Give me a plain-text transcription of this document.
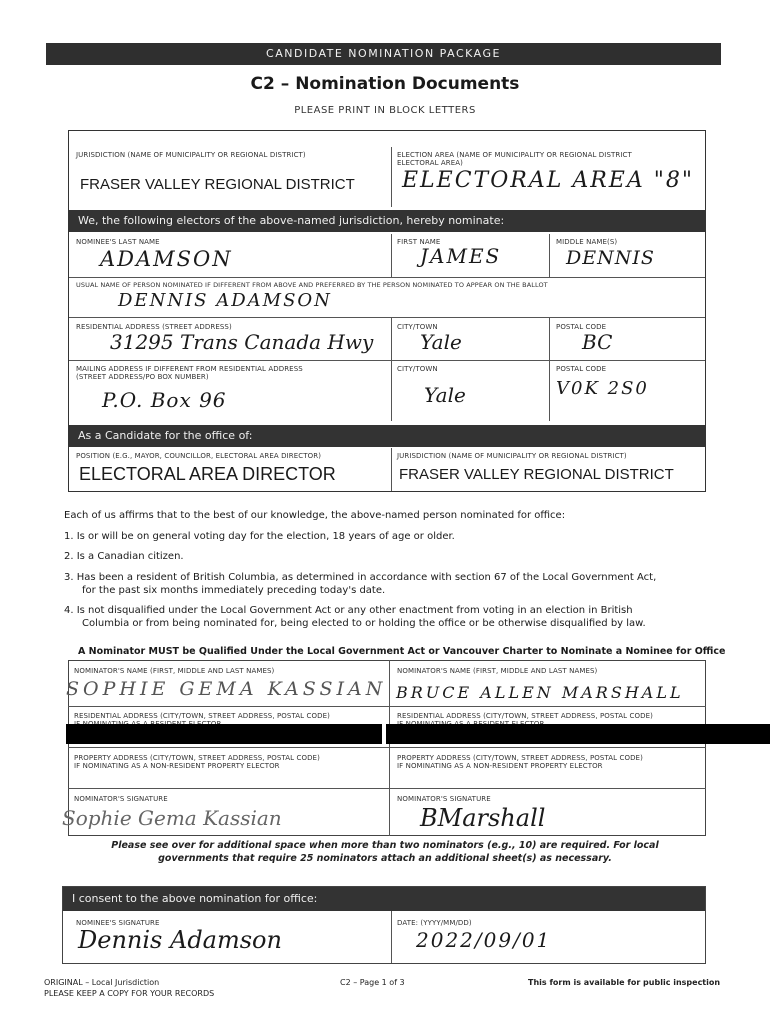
CANDIDATE NOMINATION PACKAGE
C2 – Nomination Documents
PLEASE PRINT IN BLOCK LETTERS
JURISDICTION (NAME OF MUNICIPALITY OR REGIONAL DISTRICT)
FRASER VALLEY REGIONAL DISTRICT
ELECTION AREA (NAME OF MUNICIPALITY OR REGIONAL DISTRICT
ELECTORAL AREA)
ELECTORAL AREA "8"
We, the following electors of the above-named jurisdiction, hereby nominate:
NOMINEE'S LAST NAME
ADAMSON
FIRST NAME
JAMES
MIDDLE NAME(S)
DENNIS
USUAL NAME OF PERSON NOMINATED IF DIFFERENT FROM ABOVE AND PREFERRED BY THE PERSON NOMINATED TO APPEAR ON THE BALLOT
DENNIS ADAMSON
RESIDENTIAL ADDRESS (STREET ADDRESS)
31295 Trans Canada Hwy
CITY/TOWN
Yale
POSTAL CODE
BC
MAILING ADDRESS IF DIFFERENT FROM RESIDENTIAL ADDRESS
(STREET ADDRESS/PO BOX NUMBER)
P.O. Box 96
CITY/TOWN
Yale
POSTAL CODE
V0K 2S0
As a Candidate for the office of:
POSITION (E.G., MAYOR, COUNCILLOR, ELECTORAL AREA DIRECTOR)
ELECTORAL AREA DIRECTOR
JURISDICTION (NAME OF MUNICIPALITY OR REGIONAL DISTRICT)
FRASER VALLEY REGIONAL DISTRICT
Each of us affirms that to the best of our knowledge, the above-named person nominated for office:
1. Is or will be on general voting day for the election, 18 years of age or older.
2. Is a Canadian citizen.
3. Has been a resident of British Columbia, as determined in accordance with section 67 of the Local Government Act,
for the past six months immediately preceding today's date.
4. Is not disqualified under the Local Government Act or any other enactment from voting in an election in British
Columbia or from being nominated for, being elected to or holding the office or be otherwise disqualified by law.
A Nominator MUST be Qualified Under the Local Government Act or Vancouver Charter to Nominate a Nominee for Office
NOMINATOR'S NAME (FIRST, MIDDLE AND LAST NAMES)
SOPHIE GEMA KASSIAN
RESIDENTIAL ADDRESS (CITY/TOWN, STREET ADDRESS, POSTAL CODE)
PROPERTY ADDRESS (CITY/TOWN, STREET ADDRESS, POSTAL CODE)
IF NOMINATING AS A NON-RESIDENT PROPERTY ELECTOR
NOMINATOR'S SIGNATURE
Sophie Gema Kassian
NOMINATOR'S NAME (FIRST, MIDDLE AND LAST NAMES)
BRUCE ALLEN MARSHALL
RESIDENTIAL ADDRESS (CITY/TOWN, STREET ADDRESS, POSTAL CODE)
PROPERTY ADDRESS (CITY/TOWN, STREET ADDRESS, POSTAL CODE)
IF NOMINATING AS A NON-RESIDENT PROPERTY ELECTOR
NOMINATOR'S SIGNATURE
BMarshall
Please see over for additional space when more than two nominators (e.g., 10) are required. For local
governments that require 25 nominators attach an additional sheet(s) as necessary.
I consent to the above nomination for office:
NOMINEE'S SIGNATURE
Dennis Adamson
DATE: (YYYY/MM/DD)
2022/09/01
ORIGINAL – Local Jurisdiction
PLEASE KEEP A COPY FOR YOUR RECORDS
C2 – Page 1 of 3	This form is available for public inspection
